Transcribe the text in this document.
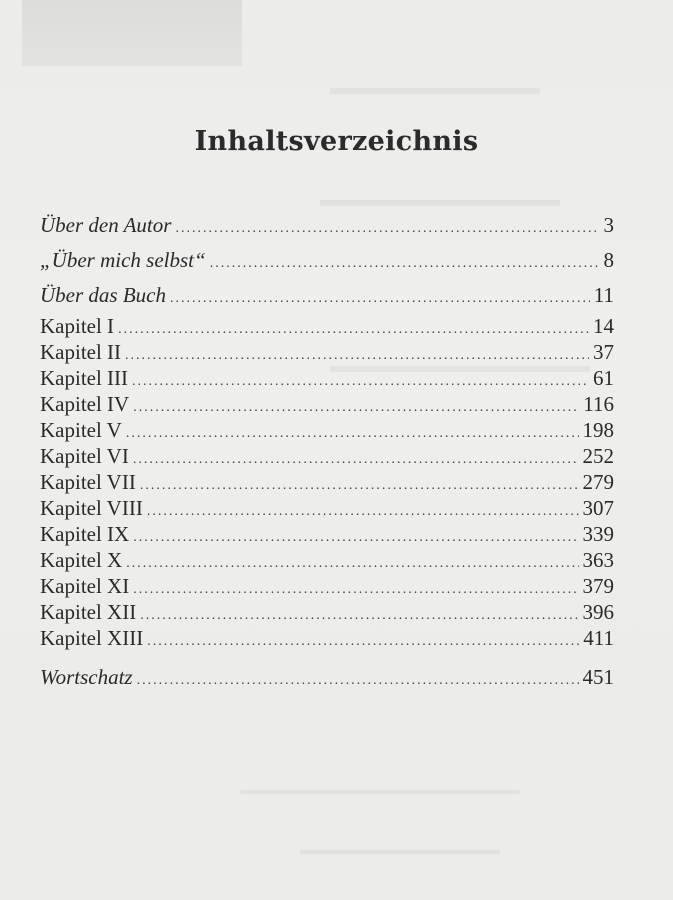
Inhaltsverzeichnis
Über den Autor .....	3
„Über mich selbst“ .....	8
Über das Buch .....	11
Kapitel I .....	14
Kapitel II .....	37
Kapitel III .....	61
Kapitel IV .....	116
Kapitel V .....	198
Kapitel VI .....	252
Kapitel VII .....	279
Kapitel VIII .....	307
Kapitel IX .....	339
Kapitel X .....	363
Kapitel XI .....	379
Kapitel XII .....	396
Kapitel XIII .....	411
Wortschatz .....	451
